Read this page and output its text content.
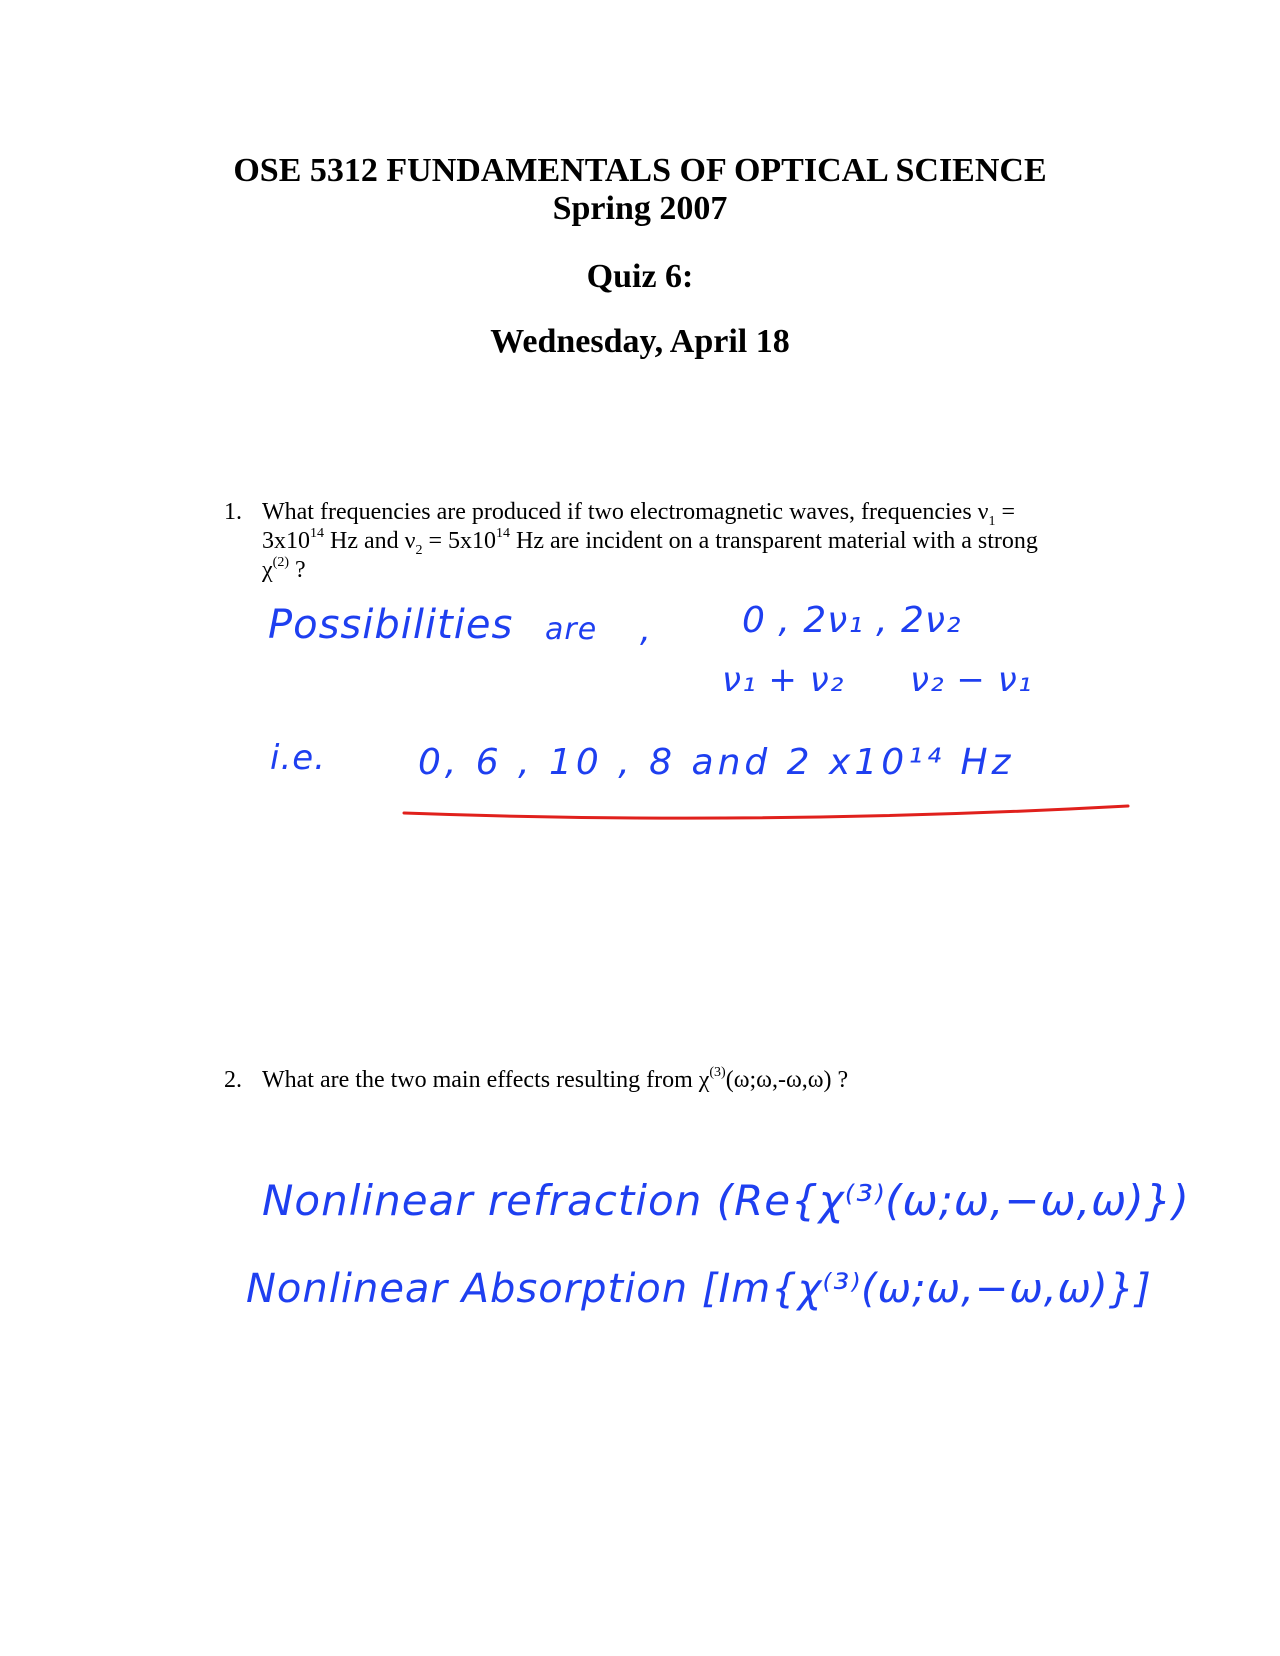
OSE 5312 FUNDAMENTALS OF OPTICAL SCIENCE
Spring 2007
Quiz 6:
Wednesday, April 18
1. What frequencies are produced if two electromagnetic waves, frequencies $\nu_1$ =
$3x10^{14}$ Hz and $\nu_2 = 5x10^{14}$ Hz are incident on a transparent material with a strong
$\chi^{(2)}$ ?
Possibilities are ,	0 , 2ν₁ , 2ν₂
ν₁ + ν₂ ν₂ − ν₁
i.e.	0, 6 , 10 , 8 and 2 x10¹⁴ Hz
2. What are the two main effects resulting from $\chi^{(3)}(\omega;\omega,-\omega,\omega)$ ?
Nonlinear refraction (Re{χ⁽³⁾(ω;ω,−ω,ω)})
Nonlinear Absorption [Im{χ⁽³⁾(ω;ω,−ω,ω)}]
